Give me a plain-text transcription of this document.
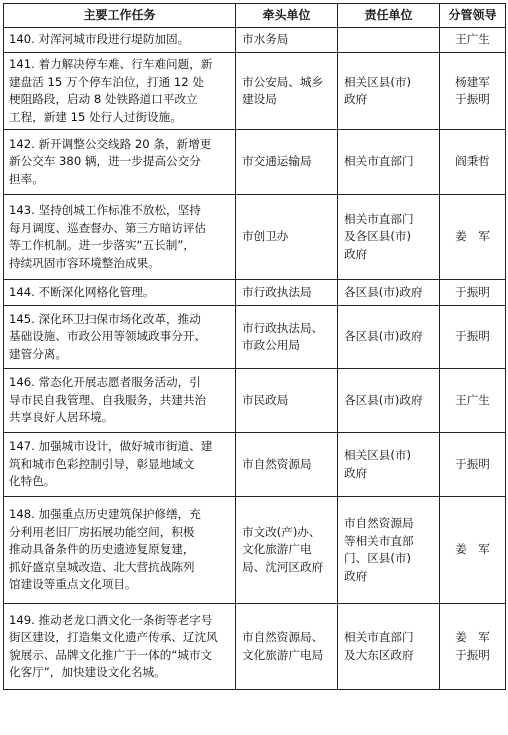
主要工作任务	牵头单位	责任单位	分管领导
140. 对浑河城市段进行堤防加固。	市水务局		王广生
141. 着力解决停车难、行车难问题，新
建盘活 15 万个停车泊位，打通 12 处
梗阻路段，启动 8 处铁路道口平改立
工程，新建 15 处行人过街设施。	市公安局、城乡
建设局	相关区县(市)
政府	杨建军
于振明
142. 新开调整公交线路 20 条，新增更
新公交车 380 辆，进一步提高公交分
担率。	市交通运输局	相关市直部门	阎秉哲
143. 坚持创城工作标准不放松，坚持
每月调度、巡查督办、第三方暗访评估
等工作机制。进一步落实“五长制”，
持续巩固市容环境整治成果。	市创卫办	相关市直部门
及各区县(市)
政府	姜　军
144. 不断深化网格化管理。	市行政执法局	各区县(市)政府	于振明
145. 深化环卫扫保市场化改革，推动
基础设施、市政公用等领域政事分开、
建管分离。	市行政执法局、
市政公用局	各区县(市)政府	于振明
146. 常态化开展志愿者服务活动，引
导市民自我管理、自我服务，共建共治
共享良好人居环境。	市民政局	各区县(市)政府	王广生
147. 加强城市设计，做好城市街道、建
筑和城市色彩控制引导，彰显地域文
化特色。	市自然资源局	相关区县(市)
政府	于振明
148. 加强重点历史建筑保护修缮，充
分利用老旧厂房拓展功能空间，积极
推动具备条件的历史遗迹复原复建，
抓好盛京皇城改造、北大营抗战陈列
馆建设等重点文化项目。	市文改(产)办、
文化旅游广电
局、沈河区政府	市自然资源局
等相关市直部
门、区县(市)
政府	姜　军
149. 推动老龙口酒文化一条街等老字号
街区建设，打造集文化遗产传承、辽沈风
貌展示、品牌文化推广于一体的“城市文
化客厅”，加快建设文化名城。	市自然资源局、
文化旅游广电局	相关市直部门
及大东区政府	姜　军
于振明
